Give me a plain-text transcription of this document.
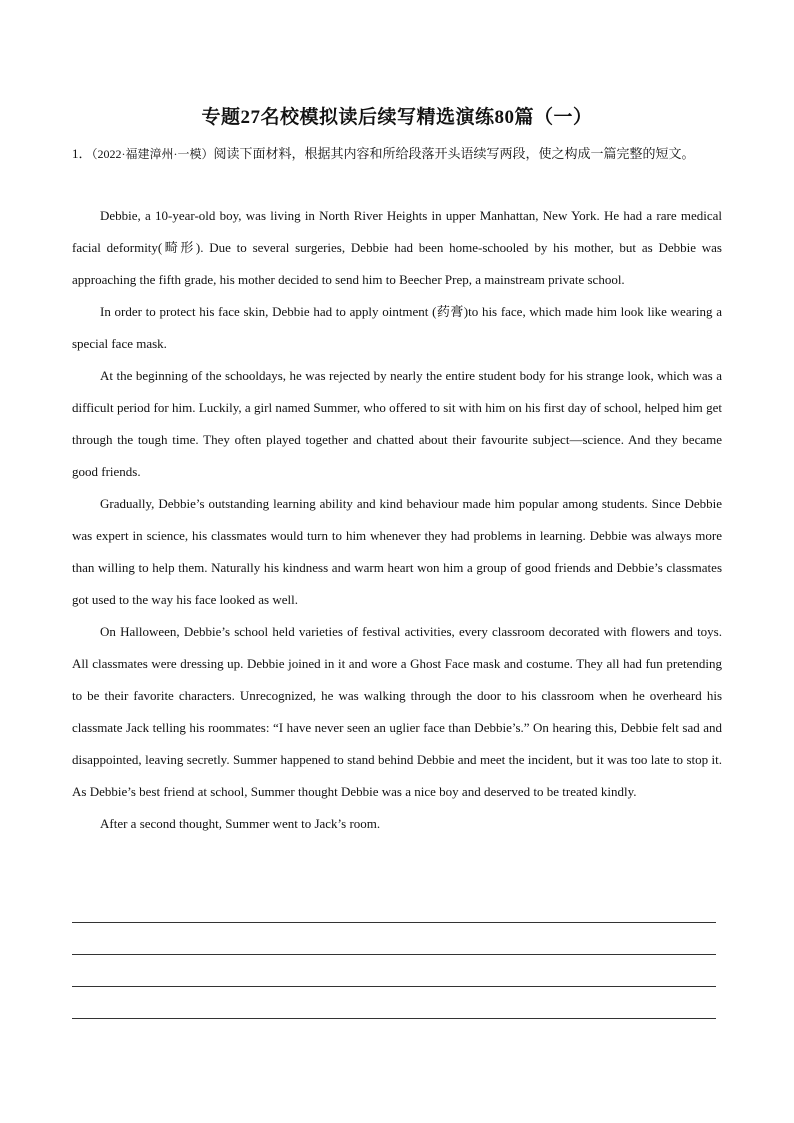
专题27名校模拟读后续写精选演练80篇（一）
1．（2022·福建漳州·一模）阅读下面材料，根据其内容和所给段落开头语续写两段，使之构成一篇完整的短文。

Debbie, a 10-year-old boy, was living in North River Heights in upper Manhattan, New York. He had a rare medical facial deformity(畸形). Due to several surgeries, Debbie had been home-schooled by his mother, but as Debbie was approaching the fifth grade, his mother decided to send him to Beecher Prep, a mainstream private school.

In order to protect his face skin, Debbie had to apply ointment (药膏)to his face, which made him look like wearing a special face mask.

At the beginning of the schooldays, he was rejected by nearly the entire student body for his strange look, which was a difficult period for him. Luckily, a girl named Summer, who offered to sit with him on his first day of school, helped him get through the tough time. They often played together and chatted about their favourite subject—science. And they became good friends.

Gradually, Debbie’s outstanding learning ability and kind behaviour made him popular among students. Since Debbie was expert in science, his classmates would turn to him whenever they had problems in learning. Debbie was always more than willing to help them. Naturally his kindness and warm heart won him a group of good friends and Debbie’s classmates got used to the way his face looked as well.

On Halloween, Debbie’s school held varieties of festival activities, every classroom decorated with flowers and toys. All classmates were dressing up. Debbie joined in it and wore a Ghost Face mask and costume. They all had fun pretending to be their favorite characters. Unrecognized, he was walking through the door to his classroom when he overheard his classmate Jack telling his roommates: “I have never seen an uglier face than Debbie’s.” On hearing this, Debbie felt sad and disappointed, leaving secretly. Summer happened to stand behind Debbie and meet the incident, but it was too late to stop it. As Debbie’s best friend at school, Summer thought Debbie was a nice boy and deserved to be treated kindly.

After a second thought, Summer went to Jack’s room.
